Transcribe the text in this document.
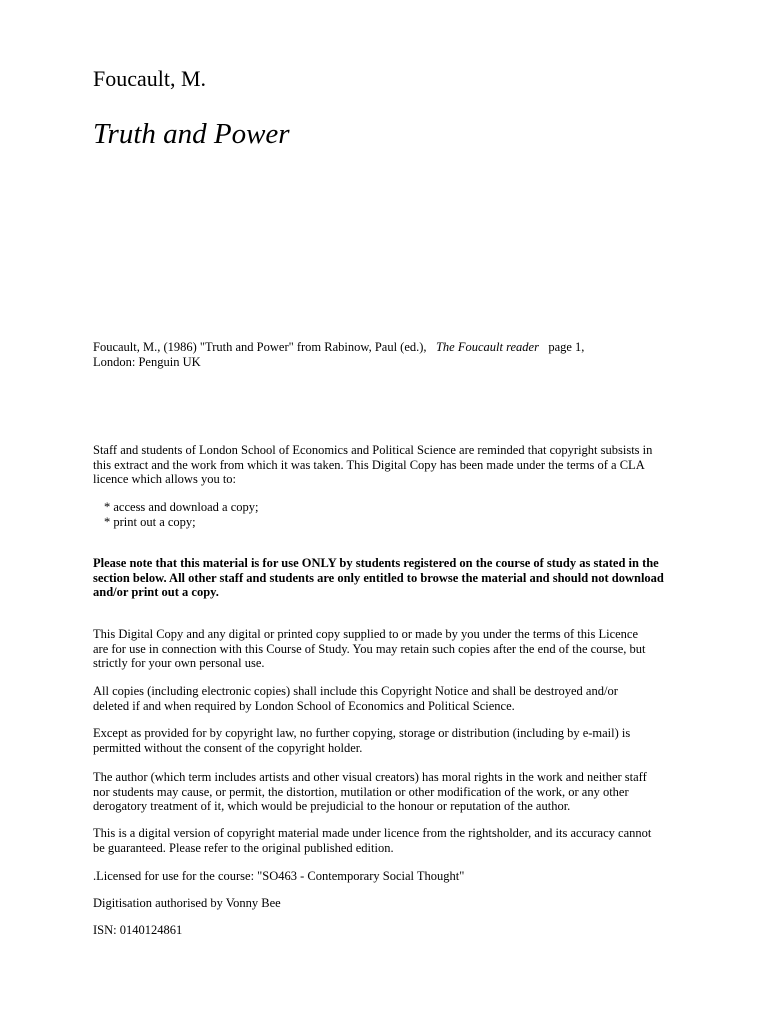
Foucault, M.

Truth and Power

Foucault, M., (1986) "Truth and Power" from Rabinow, Paul (ed.), The Foucault reader page 1,
London: Penguin UK

Staff and students of London School of Economics and Political Science are reminded that copyright subsists in this extract and the work from which it was taken. This Digital Copy has been made under the terms of a CLA licence which allows you to:

* access and download a copy;
* print out a copy;

Please note that this material is for use ONLY by students registered on the course of study as stated in the section below. All other staff and students are only entitled to browse the material and should not download and/or print out a copy.

This Digital Copy and any digital or printed copy supplied to or made by you under the terms of this Licence are for use in connection with this Course of Study. You may retain such copies after the end of the course, but strictly for your own personal use.

All copies (including electronic copies) shall include this Copyright Notice and shall be destroyed and/or deleted if and when required by London School of Economics and Political Science.

Except as provided for by copyright law, no further copying, storage or distribution (including by e-mail) is permitted without the consent of the copyright holder.

The author (which term includes artists and other visual creators) has moral rights in the work and neither staff nor students may cause, or permit, the distortion, mutilation or other modification of the work, or any other derogatory treatment of it, which would be prejudicial to the honour or reputation of the author.

This is a digital version of copyright material made under licence from the rightsholder, and its accuracy cannot be guaranteed. Please refer to the original published edition.

.Licensed for use for the course: "SO463 - Contemporary Social Thought"

Digitisation authorised by Vonny Bee

ISN: 0140124861
